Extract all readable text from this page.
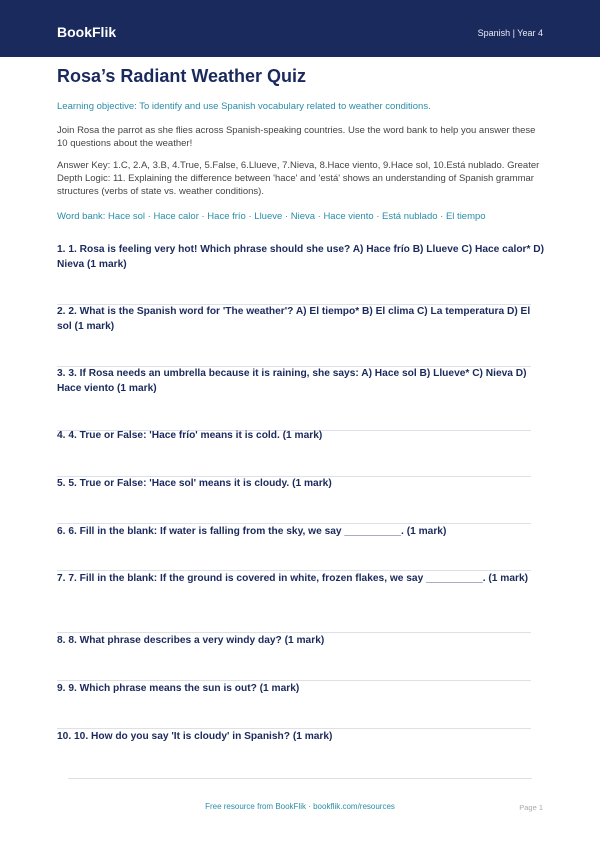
BookFlik	Spanish | Year 4
Rosa’s Radiant Weather Quiz
Learning objective: To identify and use Spanish vocabulary related to weather conditions.
Join Rosa the parrot as she flies across Spanish-speaking countries. Use the word bank to help you answer these 10 questions about the weather!
Answer Key: 1.C, 2.A, 3.B, 4.True, 5.False, 6.Llueve, 7.Nieva, 8.Hace viento, 9.Hace sol, 10.Está nublado. Greater Depth Logic: 11. Explaining the difference between 'hace' and 'está' shows an understanding of Spanish grammar structures (verbs of state vs. weather conditions).
Word bank: Hace sol · Hace calor · Hace frío · Llueve · Nieva · Hace viento · Está nublado · El tiempo
1. 1. Rosa is feeling very hot! Which phrase should she use? A) Hace frío B) Llueve C) Hace calor* D) Nieva (1 mark)
2. 2. What is the Spanish word for 'The weather'? A) El tiempo* B) El clima C) La temperatura D) El sol (1 mark)
3. 3. If Rosa needs an umbrella because it is raining, she says: A) Hace sol B) Llueve* C) Nieva D) Hace viento (1 mark)
4. 4. True or False: 'Hace frío' means it is cold. (1 mark)
5. 5. True or False: 'Hace sol' means it is cloudy. (1 mark)
6. 6. Fill in the blank: If water is falling from the sky, we say __________. (1 mark)
7. 7. Fill in the blank: If the ground is covered in white, frozen flakes, we say __________. (1 mark)
8. 8. What phrase describes a very windy day? (1 mark)
9. 9. Which phrase means the sun is out? (1 mark)
10. 10. How do you say 'It is cloudy' in Spanish? (1 mark)
Free resource from BookFlik · bookflik.com/resources	Page 1
